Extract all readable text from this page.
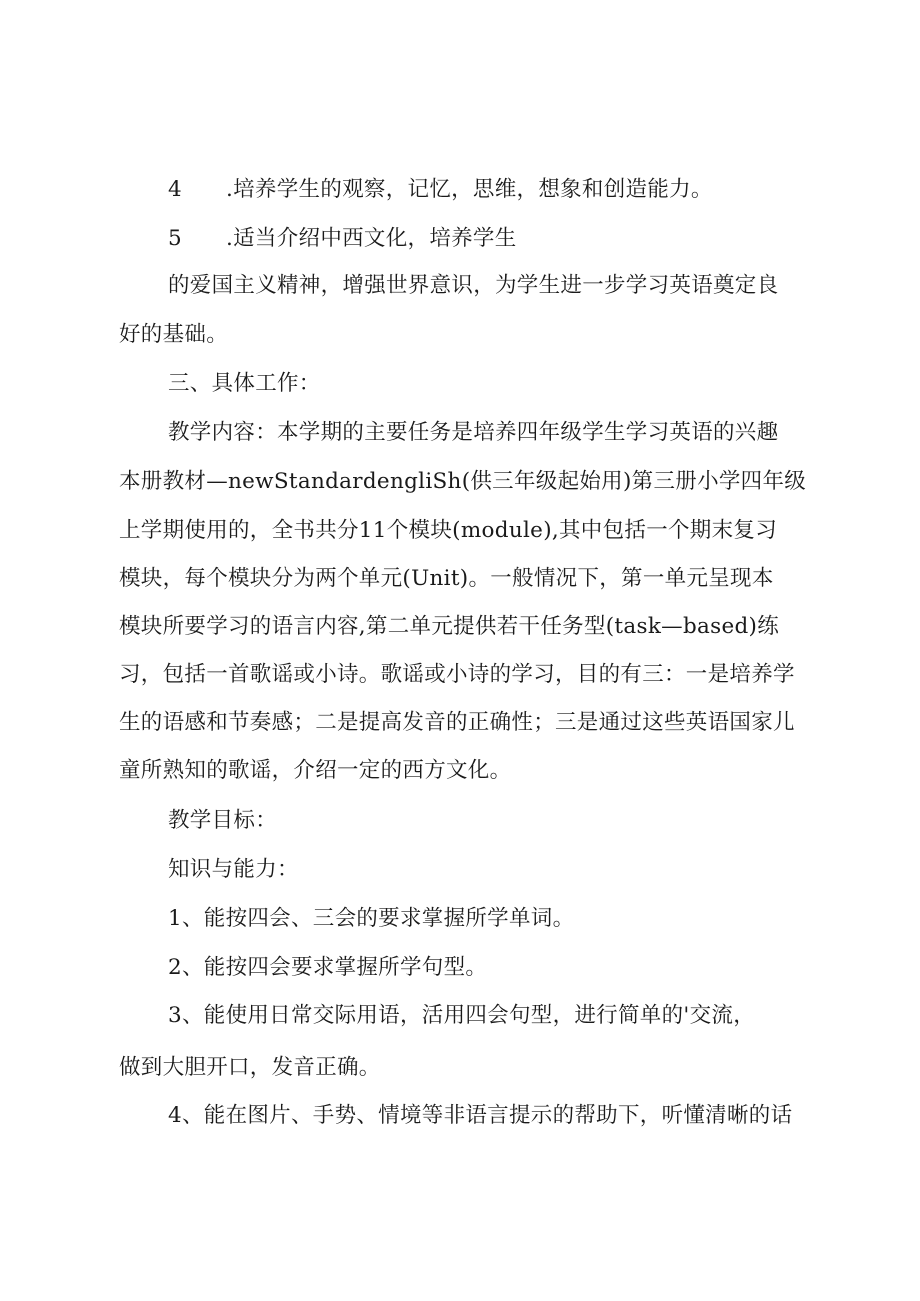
4 .培养学生的观察，记忆，思维，想象和创造能力。
5 .适当介绍中西文化，培养学生
的爱国主义精神，增强世界意识，为学生进一步学习英语奠定良
好的基础。
三、具体工作：
教学内容：本学期的主要任务是培养四年级学生学习英语的兴趣
本册教材—newStandardengliSh(供三年级起始用)第三册小学四年级
上学期使用的，全书共分11个模块(module),其中包括一个期末复习
模块，每个模块分为两个单元(Unit)。一般情况下，第一单元呈现本
模块所要学习的语言内容,第二单元提供若干任务型(task—based)练
习，包括一首歌谣或小诗。歌谣或小诗的学习，目的有三：一是培养学
生的语感和节奏感；二是提高发音的正确性；三是通过这些英语国家儿
童所熟知的歌谣，介绍一定的西方文化。
教学目标：
知识与能力：
1、能按四会、三会的要求掌握所学单词。
2、能按四会要求掌握所学句型。
3、能使用日常交际用语，活用四会句型，进行简单的'交流，
做到大胆开口，发音正确。
4、能在图片、手势、情境等非语言提示的帮助下，听懂清晰的话
